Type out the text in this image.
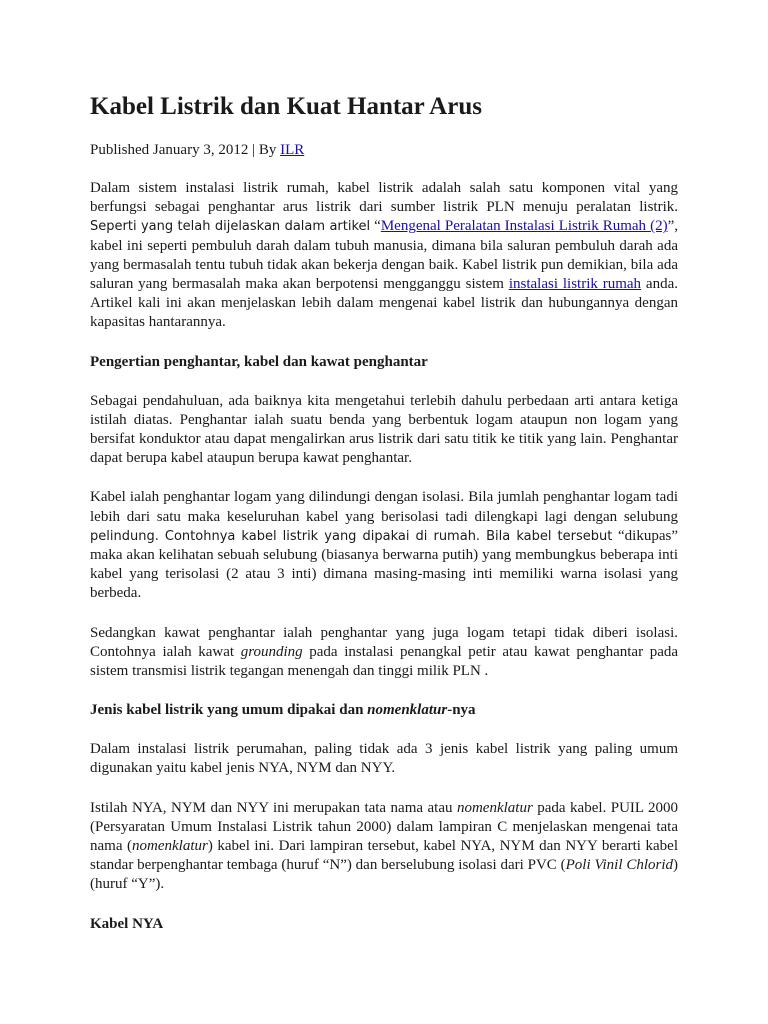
Kabel Listrik dan Kuat Hantar Arus
Published January 3, 2012 | By ILR

Dalam sistem instalasi listrik rumah, kabel listrik adalah salah satu komponen vital yang berfungsi sebagai penghantar arus listrik dari sumber listrik PLN menuju peralatan listrik. Seperti yang telah dijelaskan dalam artikel “Mengenal Peralatan Instalasi Listrik Rumah (2)”, kabel ini seperti pembuluh darah dalam tubuh manusia, dimana bila saluran pembuluh darah ada yang bermasalah tentu tubuh tidak akan bekerja dengan baik. Kabel listrik pun demikian, bila ada saluran yang bermasalah maka akan berpotensi mengganggu sistem instalasi listrik rumah anda. Artikel kali ini akan menjelaskan lebih dalam mengenai kabel listrik dan hubungannya dengan kapasitas hantarannya.

Pengertian penghantar, kabel dan kawat penghantar

Sebagai pendahuluan, ada baiknya kita mengetahui terlebih dahulu perbedaan arti antara ketiga istilah diatas. Penghantar ialah suatu benda yang berbentuk logam ataupun non logam yang bersifat konduktor atau dapat mengalirkan arus listrik dari satu titik ke titik yang lain. Penghantar dapat berupa kabel ataupun berupa kawat penghantar.

Kabel ialah penghantar logam yang dilindungi dengan isolasi. Bila jumlah penghantar logam tadi lebih dari satu maka keseluruhan kabel yang berisolasi tadi dilengkapi lagi dengan selubung pelindung. Contohnya kabel listrik yang dipakai di rumah. Bila kabel tersebut “dikupas” maka akan kelihatan sebuah selubung (biasanya berwarna putih) yang membungkus beberapa inti kabel yang terisolasi (2 atau 3 inti) dimana masing-masing inti memiliki warna isolasi yang berbeda.

Sedangkan kawat penghantar ialah penghantar yang juga logam tetapi tidak diberi isolasi. Contohnya ialah kawat grounding pada instalasi penangkal petir atau kawat penghantar pada sistem transmisi listrik tegangan menengah dan tinggi milik PLN .

Jenis kabel listrik yang umum dipakai dan nomenklatur-nya

Dalam instalasi listrik perumahan, paling tidak ada 3 jenis kabel listrik yang paling umum digunakan yaitu kabel jenis NYA, NYM dan NYY.

Istilah NYA, NYM dan NYY ini merupakan tata nama atau nomenklatur pada kabel. PUIL 2000 (Persyaratan Umum Instalasi Listrik tahun 2000) dalam lampiran C menjelaskan mengenai tata nama (nomenklatur) kabel ini. Dari lampiran tersebut, kabel NYA, NYM dan NYY berarti kabel standar berpenghantar tembaga (huruf “N”) dan berselubung isolasi dari PVC (Poli Vinil Chlorid) (huruf “Y”).

Kabel NYA
